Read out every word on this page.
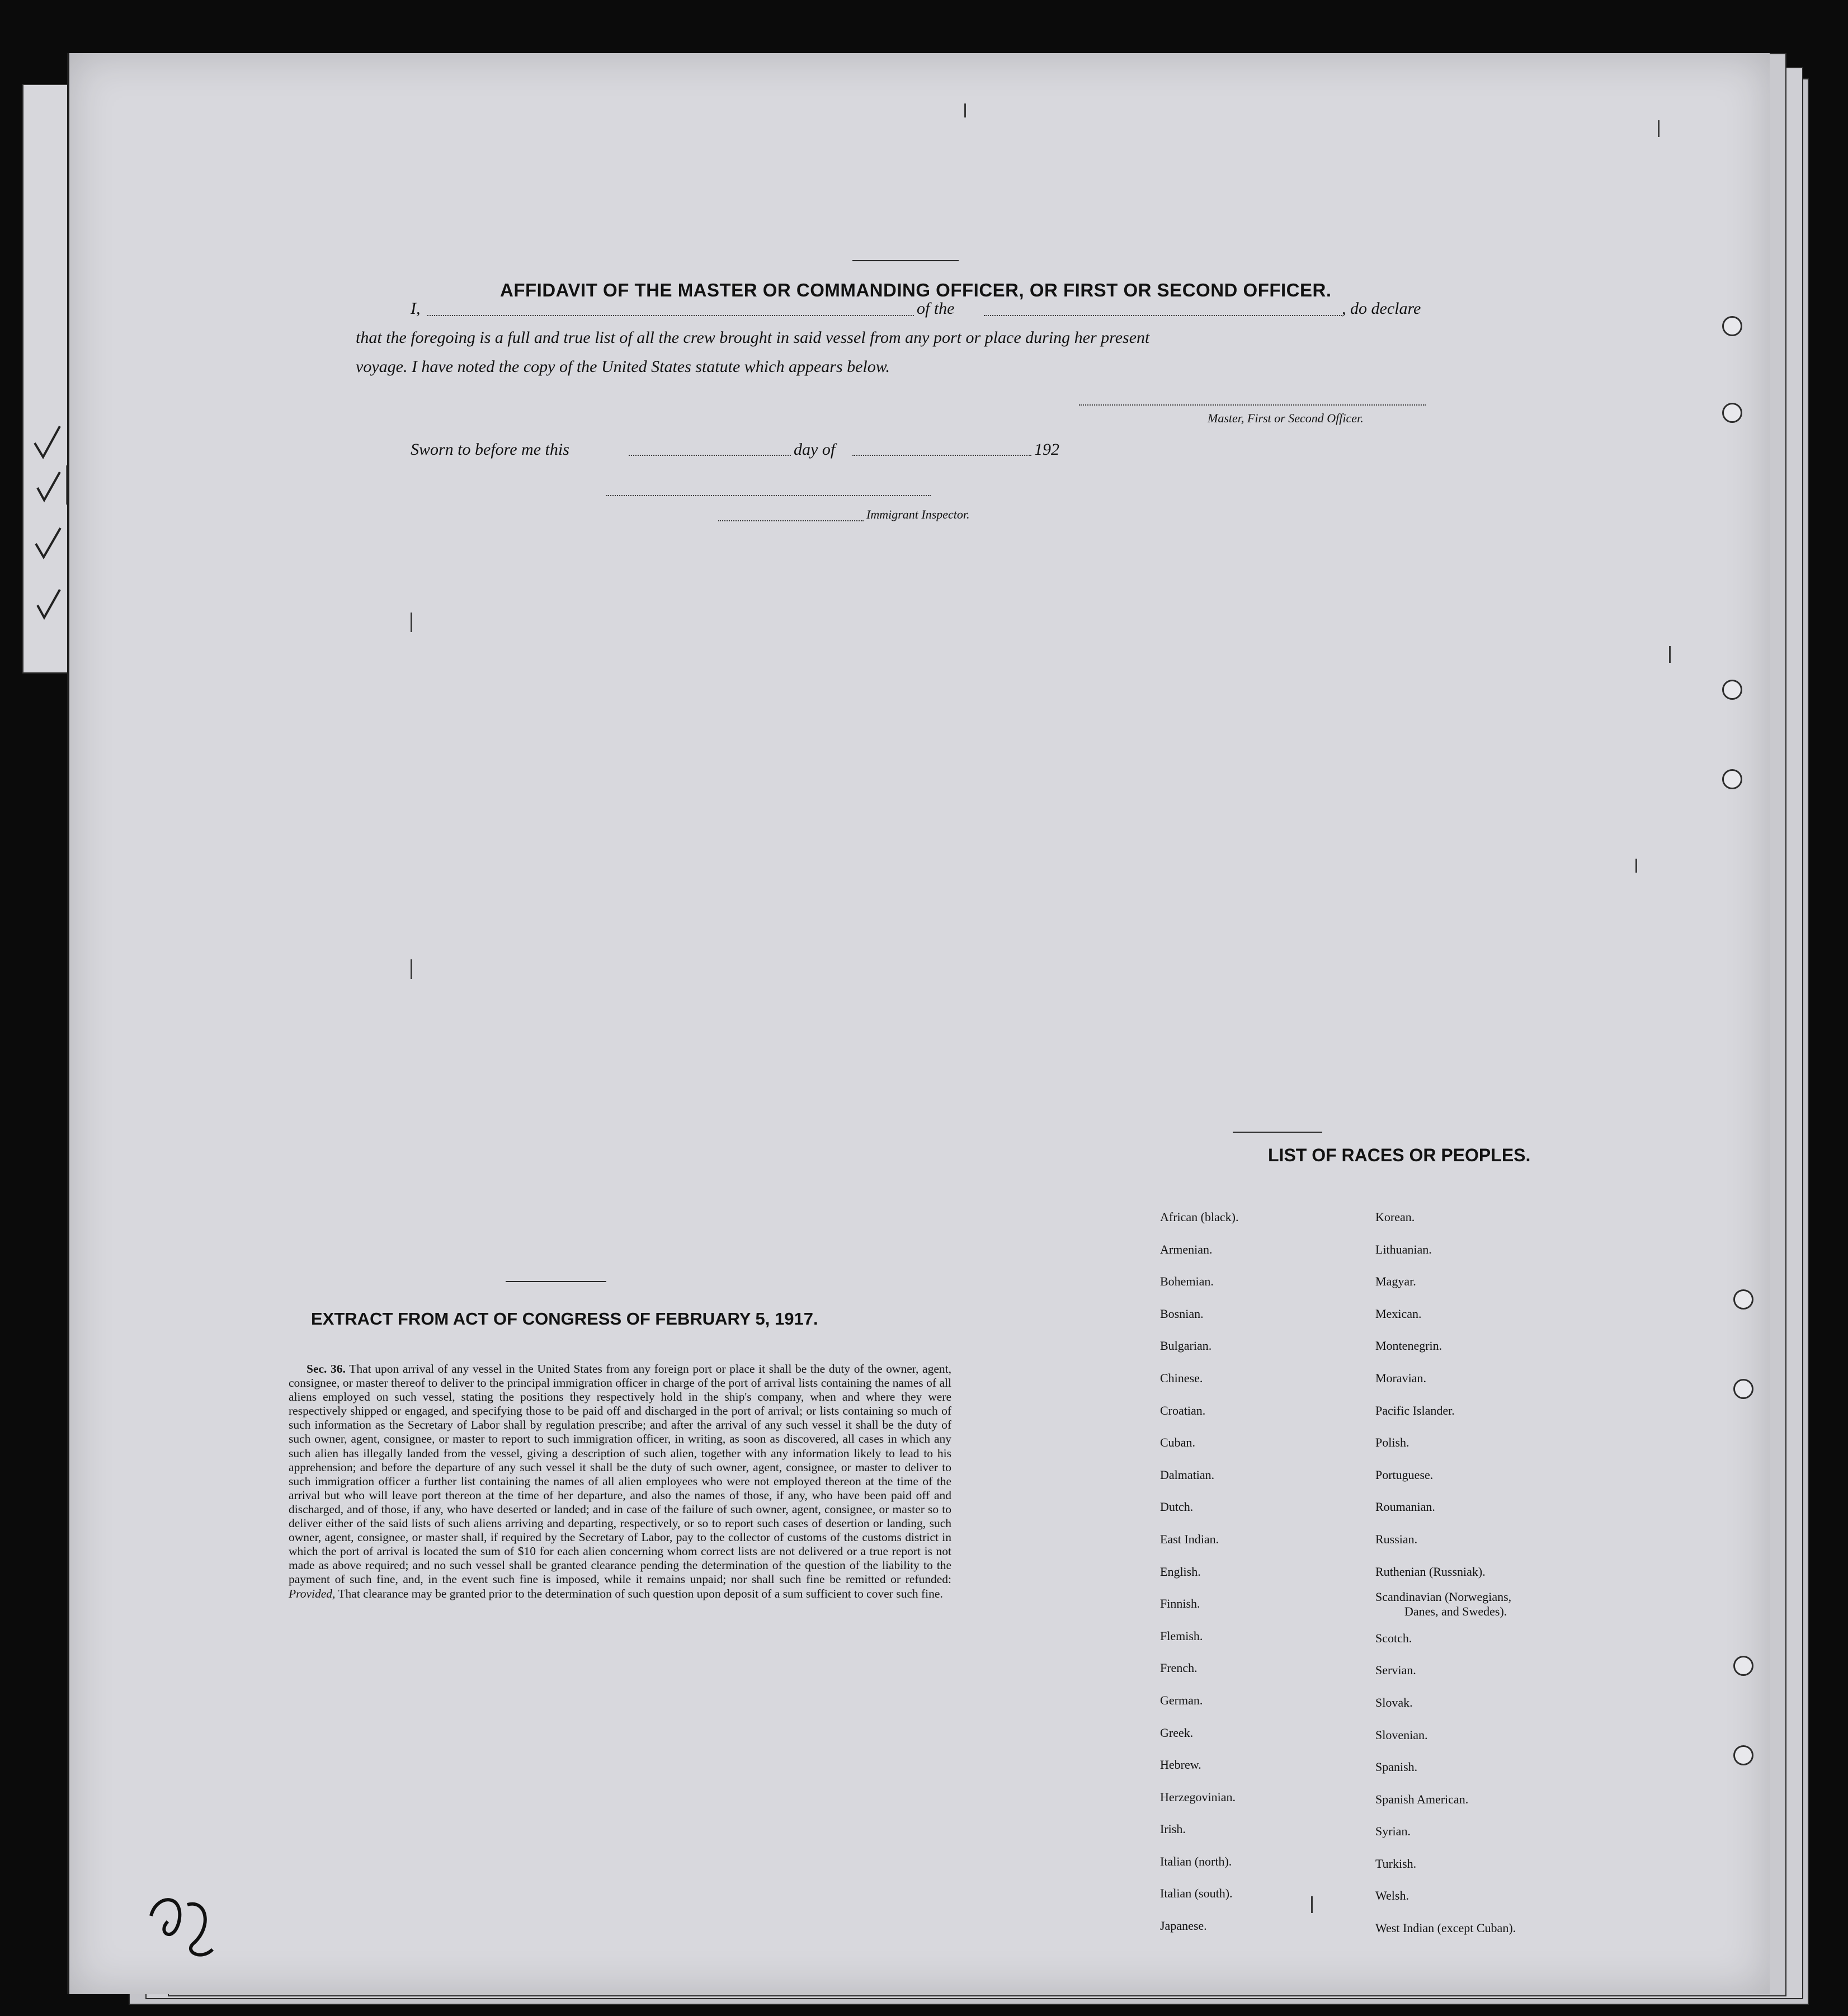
AFFIDAVIT OF THE MASTER OR COMMANDING OFFICER, OR FIRST OR SECOND OFFICER.
I,	of the	, do declare
that the foregoing is a full and true list of all the crew brought in said vessel from any port or place during her present
voyage. I have noted the copy of the United States statute which appears below.
Master, First or Second Officer.
Sworn to before me this	day of	192
Immigrant Inspector.
EXTRACT FROM ACT OF CONGRESS OF FEBRUARY 5, 1917.
Sec. 36. That upon arrival of any vessel in the United States from any foreign port or place it shall be the duty of the owner, agent, consignee, or master thereof to deliver to the principal immigration officer in charge of the port of arrival lists containing the names of all aliens employed on such vessel, stating the positions they respectively hold in the ship's company, when and where they were respectively shipped or engaged, and specifying those to be paid off and discharged in the port of arrival; or lists containing so much of such information as the Secretary of Labor shall by regulation prescribe; and after the arrival of any such vessel it shall be the duty of such owner, agent, consignee, or master to report to such immigration officer, in writing, as soon as discovered, all cases in which any such alien has illegally landed from the vessel, giving a description of such alien, together with any information likely to lead to his apprehension; and before the departure of any such vessel it shall be the duty of such owner, agent, consignee, or master to deliver to such immigration officer a further list containing the names of all alien employees who were not employed thereon at the time of the arrival but who will leave port thereon at the time of her departure, and also the names of those, if any, who have been paid off and discharged, and of those, if any, who have deserted or landed; and in case of the failure of such owner, agent, consignee, or master so to deliver either of the said lists of such aliens arriving and departing, respectively, or so to report such cases of desertion or landing, such owner, agent, consignee, or master shall, if required by the Secretary of Labor, pay to the collector of customs of the customs district in which the port of arrival is located the sum of $10 for each alien concerning whom correct lists are not delivered or a true report is not made as above required; and no such vessel shall be granted clearance pending the determination of the question of the liability to the payment of such fine, and, in the event such fine is imposed, while it remains unpaid; nor shall such fine be remitted or refunded: Provided, That clearance may be granted prior to the determination of such question upon deposit of a sum sufficient to cover such fine.
LIST OF RACES OR PEOPLES.
African (black).
Armenian.
Bohemian.
Bosnian.
Bulgarian.
Chinese.
Croatian.
Cuban.
Dalmatian.
Dutch.
East Indian.
English.
Finnish.
Flemish.
French.
German.
Greek.
Hebrew.
Herzegovinian.
Irish.
Italian (north).
Italian (south).
Japanese.
Korean.
Lithuanian.
Magyar.
Mexican.
Montenegrin.
Moravian.
Pacific Islander.
Polish.
Portuguese.
Roumanian.
Russian.
Ruthenian (Russniak).
Scandinavian (Norwegians,
Danes, and Swedes).
Scotch.
Servian.
Slovak.
Slovenian.
Spanish.
Spanish American.
Syrian.
Turkish.
Welsh.
West Indian (except Cuban).
